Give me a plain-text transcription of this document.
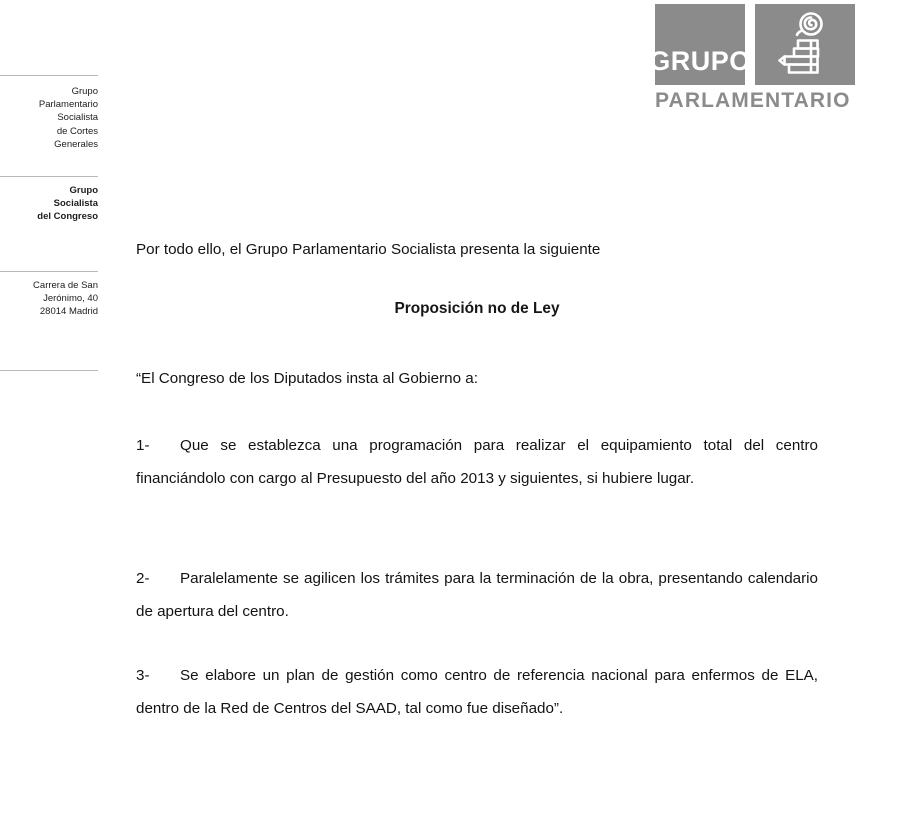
GRUPO
PARLAMENTARIO
Grupo
Parlamentario
Socialista
de Cortes
Generales
Grupo
Socialista
del Congreso
Carrera de San
Jerónimo, 40
28014 Madrid

Por todo ello, el Grupo Parlamentario Socialista presenta la siguiente

Proposición no de Ley

“El Congreso de los Diputados insta al Gobierno a:

1- Que se establezca una programación para realizar el equipamiento total del centro financiándolo con cargo al Presupuesto del año 2013 y siguientes, si hubiere lugar.

2- Paralelamente se agilicen los trámites para la terminación de la obra, presentando calendario de apertura del centro.

3- Se elabore un plan de gestión como centro de referencia nacional para enfermos de ELA, dentro de la Red de Centros del SAAD, tal como fue diseñado”.
